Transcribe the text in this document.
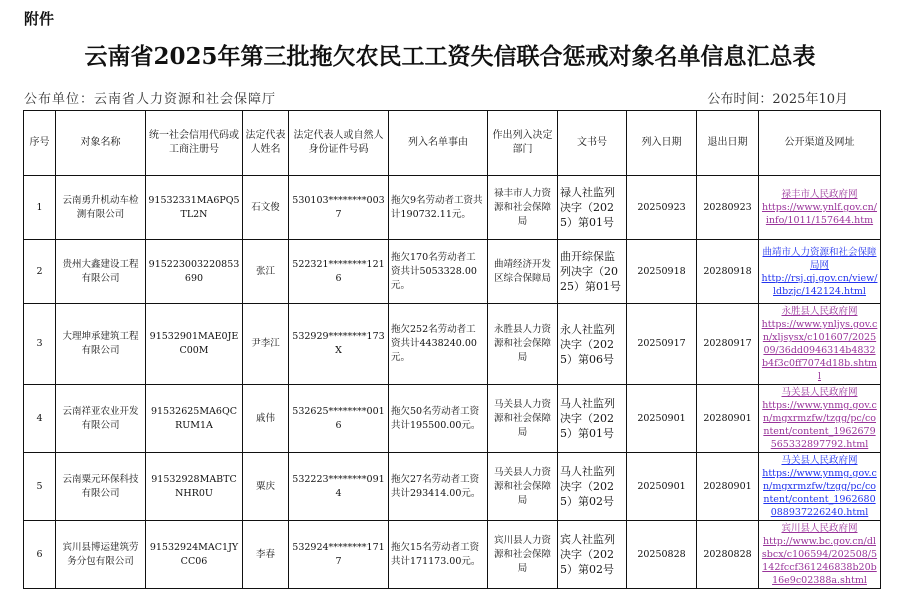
附件
云南省2025年第三批拖欠农民工工资失信联合惩戒对象名单信息汇总表
公布单位：云南省人力资源和社会保障厅	公布时间：2025年10月
序号	对象名称	统一社会信用代码或工商注册号	法定代表人姓名	法定代表人或自然人身份证件号码	列入名单事由	作出列入决定部门	文书号	列入日期	退出日期	公开渠道及网址
1	云南勇升机动车检测有限公司	91532331MA6PQ5TL2N	石文俊	530103********0037	拖欠9名劳动者工资共计190732.11元。	禄丰市人力资源和社会保障局	禄人社监列决字（2025）第01号	20250923	20280923	禄丰市人民政府网
https://www.ynlf.gov.cn/info/1011/157644.htm

2	贵州大鑫建设工程有限公司	915223003220853690	张江	522321********1216	拖欠170名劳动者工资共计5053328.00元。	曲靖经济开发区综合保障局	曲开综保监列决字（2025）第01号	20250918	20280918	曲靖市人力资源和社会保障局网
http://rsj.qj.gov.cn/view/ldbzjc/142124.html

3	大理坤承建筑工程有限公司	91532901MAE0JEC00M	尹李江	532929********173X	拖欠252名劳动者工资共计4438240.00元。	永胜县人力资源和社会保障局	永人社监列决字（2025）第06号	20250917	20280917	永胜县人民政府网
https://www.ynljys.gov.cn/xljsysx/c101607/202509/36dd0946314b4832b4f3c0ff7074d18b.shtml

4	云南祥亚农业开发有限公司	91532625MA6QCRUM1A	戚伟	532625********0016	拖欠50名劳动者工资共计195500.00元。	马关县人力资源和社会保障局	马人社监列决字（2025）第01号	20250901	20280901	马关县人民政府网
https://www.ynmg.gov.cn/mgxrmzfw/tzgg/pc/content/content_1962679565332897792.html

5	云南粟元环保科技有限公司	91532928MABTCNHR0U	粟庆	532223********0914	拖欠27名劳动者工资共计293414.00元。	马关县人力资源和社会保障局	马人社监列决字（2025）第02号	20250901	20280901	马关县人民政府网
https://www.ynmg.gov.cn/mgxrmzfw/tzgg/pc/content/content_1962680088937226240.html

6	宾川县博运建筑劳务分包有限公司	91532924MAC1JYCC06	李春	532924********1717	拖欠15名劳动者工资共计171173.00元。	宾川县人力资源和社会保障局	宾人社监列决字（2025）第02号	20250828	20280828	宾川县人民政府网
http://www.bc.gov.cn/dlsbcx/c106594/202508/5142fccf361246838b20b16e9c02388a.shtml
